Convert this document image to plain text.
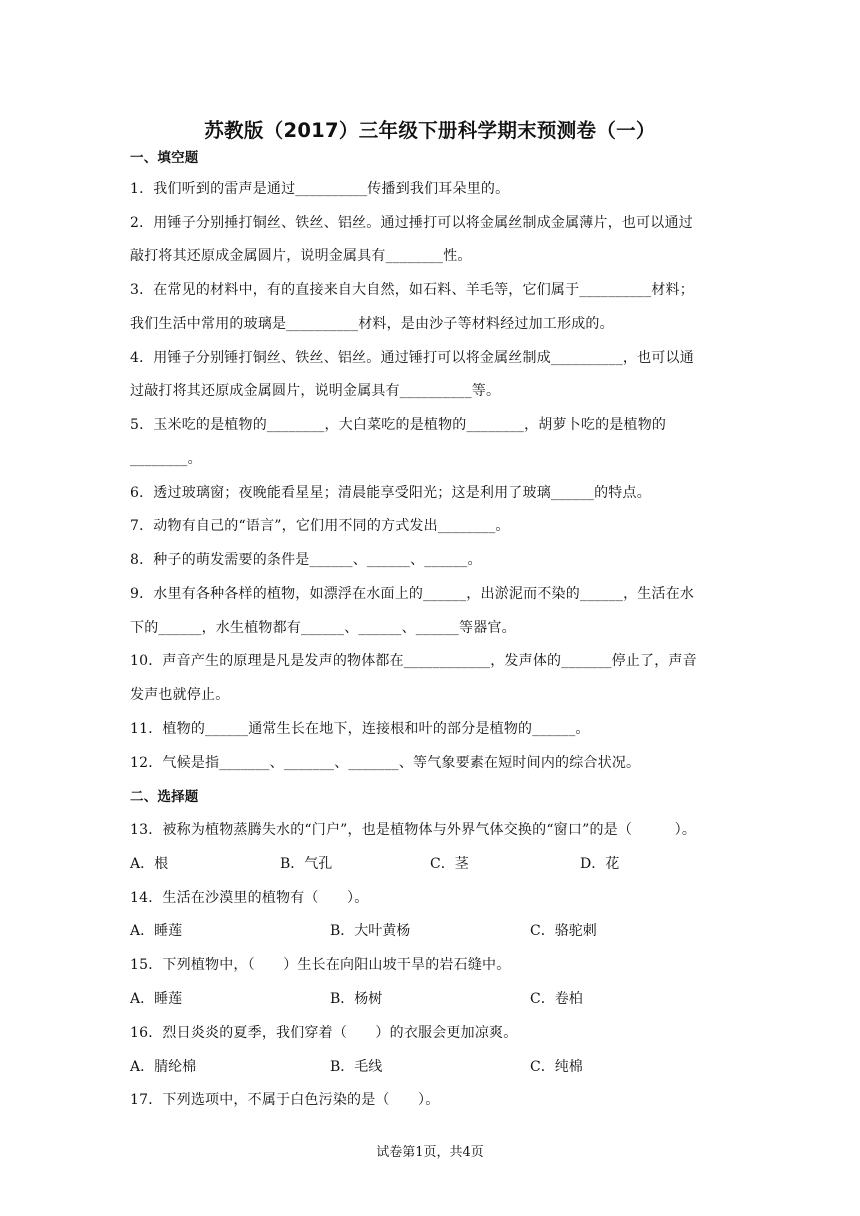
苏教版（2017）三年级下册科学期末预测卷（一）
一、填空题
1．我们听到的雷声是通过__________传播到我们耳朵里的。
2．用锤子分别捶打铜丝、铁丝、铝丝。通过捶打可以将金属丝制成金属薄片，也可以通过
敲打将其还原成金属圆片，说明金属具有________性。
3．在常见的材料中，有的直接来自大自然，如石料、羊毛等，它们属于__________材料；
我们生活中常用的玻璃是__________材料，是由沙子等材料经过加工形成的。
4．用锤子分别锤打铜丝、铁丝、铝丝。通过锤打可以将金属丝制成__________，也可以通
过敲打将其还原成金属圆片，说明金属具有__________等。
5．玉米吃的是植物的________，大白菜吃的是植物的________，胡萝卜吃的是植物的
________。
6．透过玻璃窗；夜晚能看星星；清晨能享受阳光；这是利用了玻璃______的特点。
7．动物有自己的“语言”，它们用不同的方式发出________。
8．种子的萌发需要的条件是______、______、______。
9．水里有各种各样的植物，如漂浮在水面上的______，出淤泥而不染的______，生活在水
下的______，水生植物都有______、______、______等器官。
10．声音产生的原理是凡是发声的物体都在____________，发声体的_______停止了，声音
发声也就停止。
11．植物的______通常生长在地下，连接根和叶的部分是植物的______。
12．气候是指_______、_______、_______、等气象要素在短时间内的综合状况。
二、选择题
13．被称为植物蒸腾失水的“门户”，也是植物体与外界气体交换的“窗口”的是（　　　）。
A．根	B．气孔	C．茎	D．花
14．生活在沙漠里的植物有（　　）。
A．睡莲	B．大叶黄杨	C．骆驼刺
15．下列植物中，（　　）生长在向阳山坡干旱的岩石缝中。
A．睡莲	B．杨树	C．卷柏
16．烈日炎炎的夏季，我们穿着（　　）的衣服会更加凉爽。
A．腈纶棉	B．毛线	C．纯棉
17．下列选项中，不属于白色污染的是（　　）。
试卷第1页，共4页
